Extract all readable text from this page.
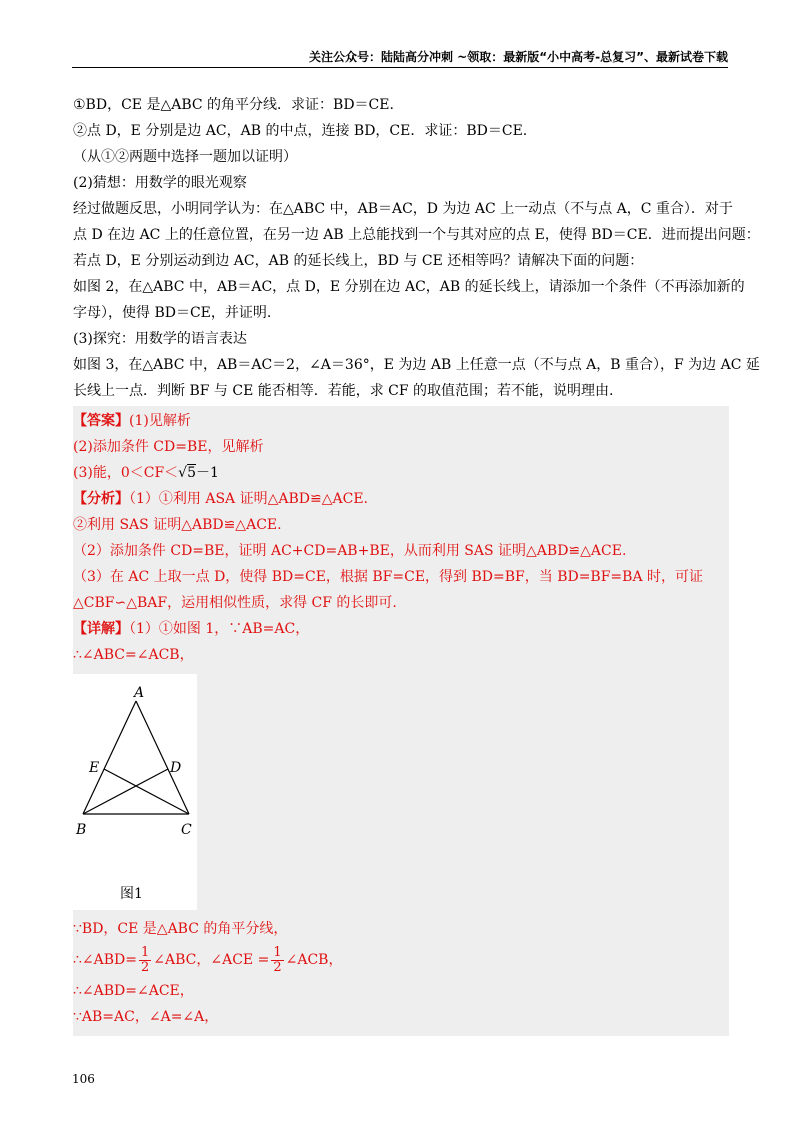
关注公众号：陆陆高分冲刺 ~领取：最新版“小中高考-总复习”、最新试卷下载
①BD，CE 是△ABC 的角平分线．求证：BD＝CE.
②点 D，E 分别是边 AC，AB 的中点，连接 BD，CE．求证：BD＝CE.
（从①②两题中选择一题加以证明）
(2)猜想：用数学的眼光观察
经过做题反思，小明同学认为：在△ABC 中，AB＝AC，D 为边 AC 上一动点（不与点 A，C 重合）．对于
点 D 在边 AC 上的任意位置，在另一边 AB 上总能找到一个与其对应的点 E，使得 BD＝CE．进而提出问题：
若点 D，E 分别运动到边 AC，AB 的延长线上，BD 与 CE 还相等吗？请解决下面的问题：
如图 2，在△ABC 中，AB＝AC，点 D，E 分别在边 AC，AB 的延长线上，请添加一个条件（不再添加新的
字母），使得 BD＝CE，并证明.
(3)探究：用数学的语言表达
如图 3，在△ABC 中，AB＝AC＝2，∠A＝36°，E 为边 AB 上任意一点（不与点 A，B 重合），F 为边 AC 延
长线上一点．判断 BF 与 CE 能否相等．若能，求 CF 的取值范围；若不能，说明理由.
【答案】(1)见解析
(2)添加条件 CD=BE，见解析
(3)能，0＜CF＜√5－1
【分析】（1）①利用 ASA 证明△ABD≌△ACE.
②利用 SAS 证明△ABD≌△ACE.
（2）添加条件 CD=BE，证明 AC+CD=AB+BE，从而利用 SAS 证明△ABD≌△ACE.
（3）在 AC 上取一点 D，使得 BD=CE，根据 BF=CE，得到 BD=BF，当 BD=BF=BA 时，可证
△CBF∽△BAF，运用相似性质，求得 CF 的长即可.
【详解】（1）①如图 1，∵AB=AC，
∴∠ABC=∠ACB，
A
E	D
B	C
图1
∵BD，CE 是△ABC 的角平分线，
∴∠ABD= $\frac{1}{2}$ ∠ABC，∠ACE = $\frac{1}{2}$ ∠ACB，
∴∠ABD=∠ACE，
∵AB=AC，∠A=∠A，
106
